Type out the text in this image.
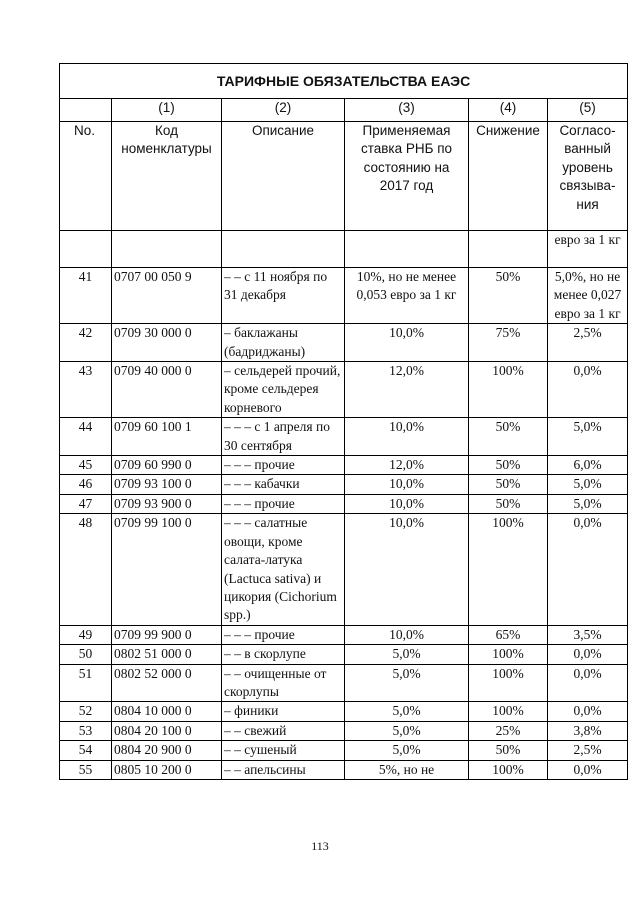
ТАРИФНЫЕ ОБЯЗАТЕЛЬСТВА ЕАЭС					
	(1)	(2)	(3)	(4)	(5)
No.	Код номенклатуры	Описание	Применяемая ставка РНБ по состоянию на 2017 год	Снижение	Согласо-ванный уровень связыва-ния
					евро за 1 кг
41	0707 00 050 9	– – с 11 ноября по 31 декабря	10%, но не менее 0,053 евро за 1 кг	50%	5,0%, но не менее 0,027 евро за 1 кг
42	0709 30 000 0	– баклажаны (бадриджаны)	10,0%	75%	2,5%
43	0709 40 000 0	– сельдерей прочий, кроме сельдерея корневого	12,0%	100%	0,0%
44	0709 60 100 1	– – – с 1 апреля по 30 сентября	10,0%	50%	5,0%
45	0709 60 990 0	– – – прочие	12,0%	50%	6,0%
46	0709 93 100 0	– – – кабачки	10,0%	50%	5,0%
47	0709 93 900 0	– – – прочие	10,0%	50%	5,0%
48	0709 99 100 0	– – – салатные овощи, кроме салата-латука (Lactuca sativa) и цикория (Cichorium spp.)	10,0%	100%	0,0%
49	0709 99 900 0	– – – прочие	10,0%	65%	3,5%
50	0802 51 000 0	– – в скорлупе	5,0%	100%	0,0%
51	0802 52 000 0	– – очищенные от скорлупы	5,0%	100%	0,0%
52	0804 10 000 0	– финики	5,0%	100%	0,0%
53	0804 20 100 0	– – свежий	5,0%	25%	3,8%
54	0804 20 900 0	– – сушеный	5,0%	50%	2,5%
55	0805 10 200 0	– – апельсины	5%, но не	100%	0,0%
113
